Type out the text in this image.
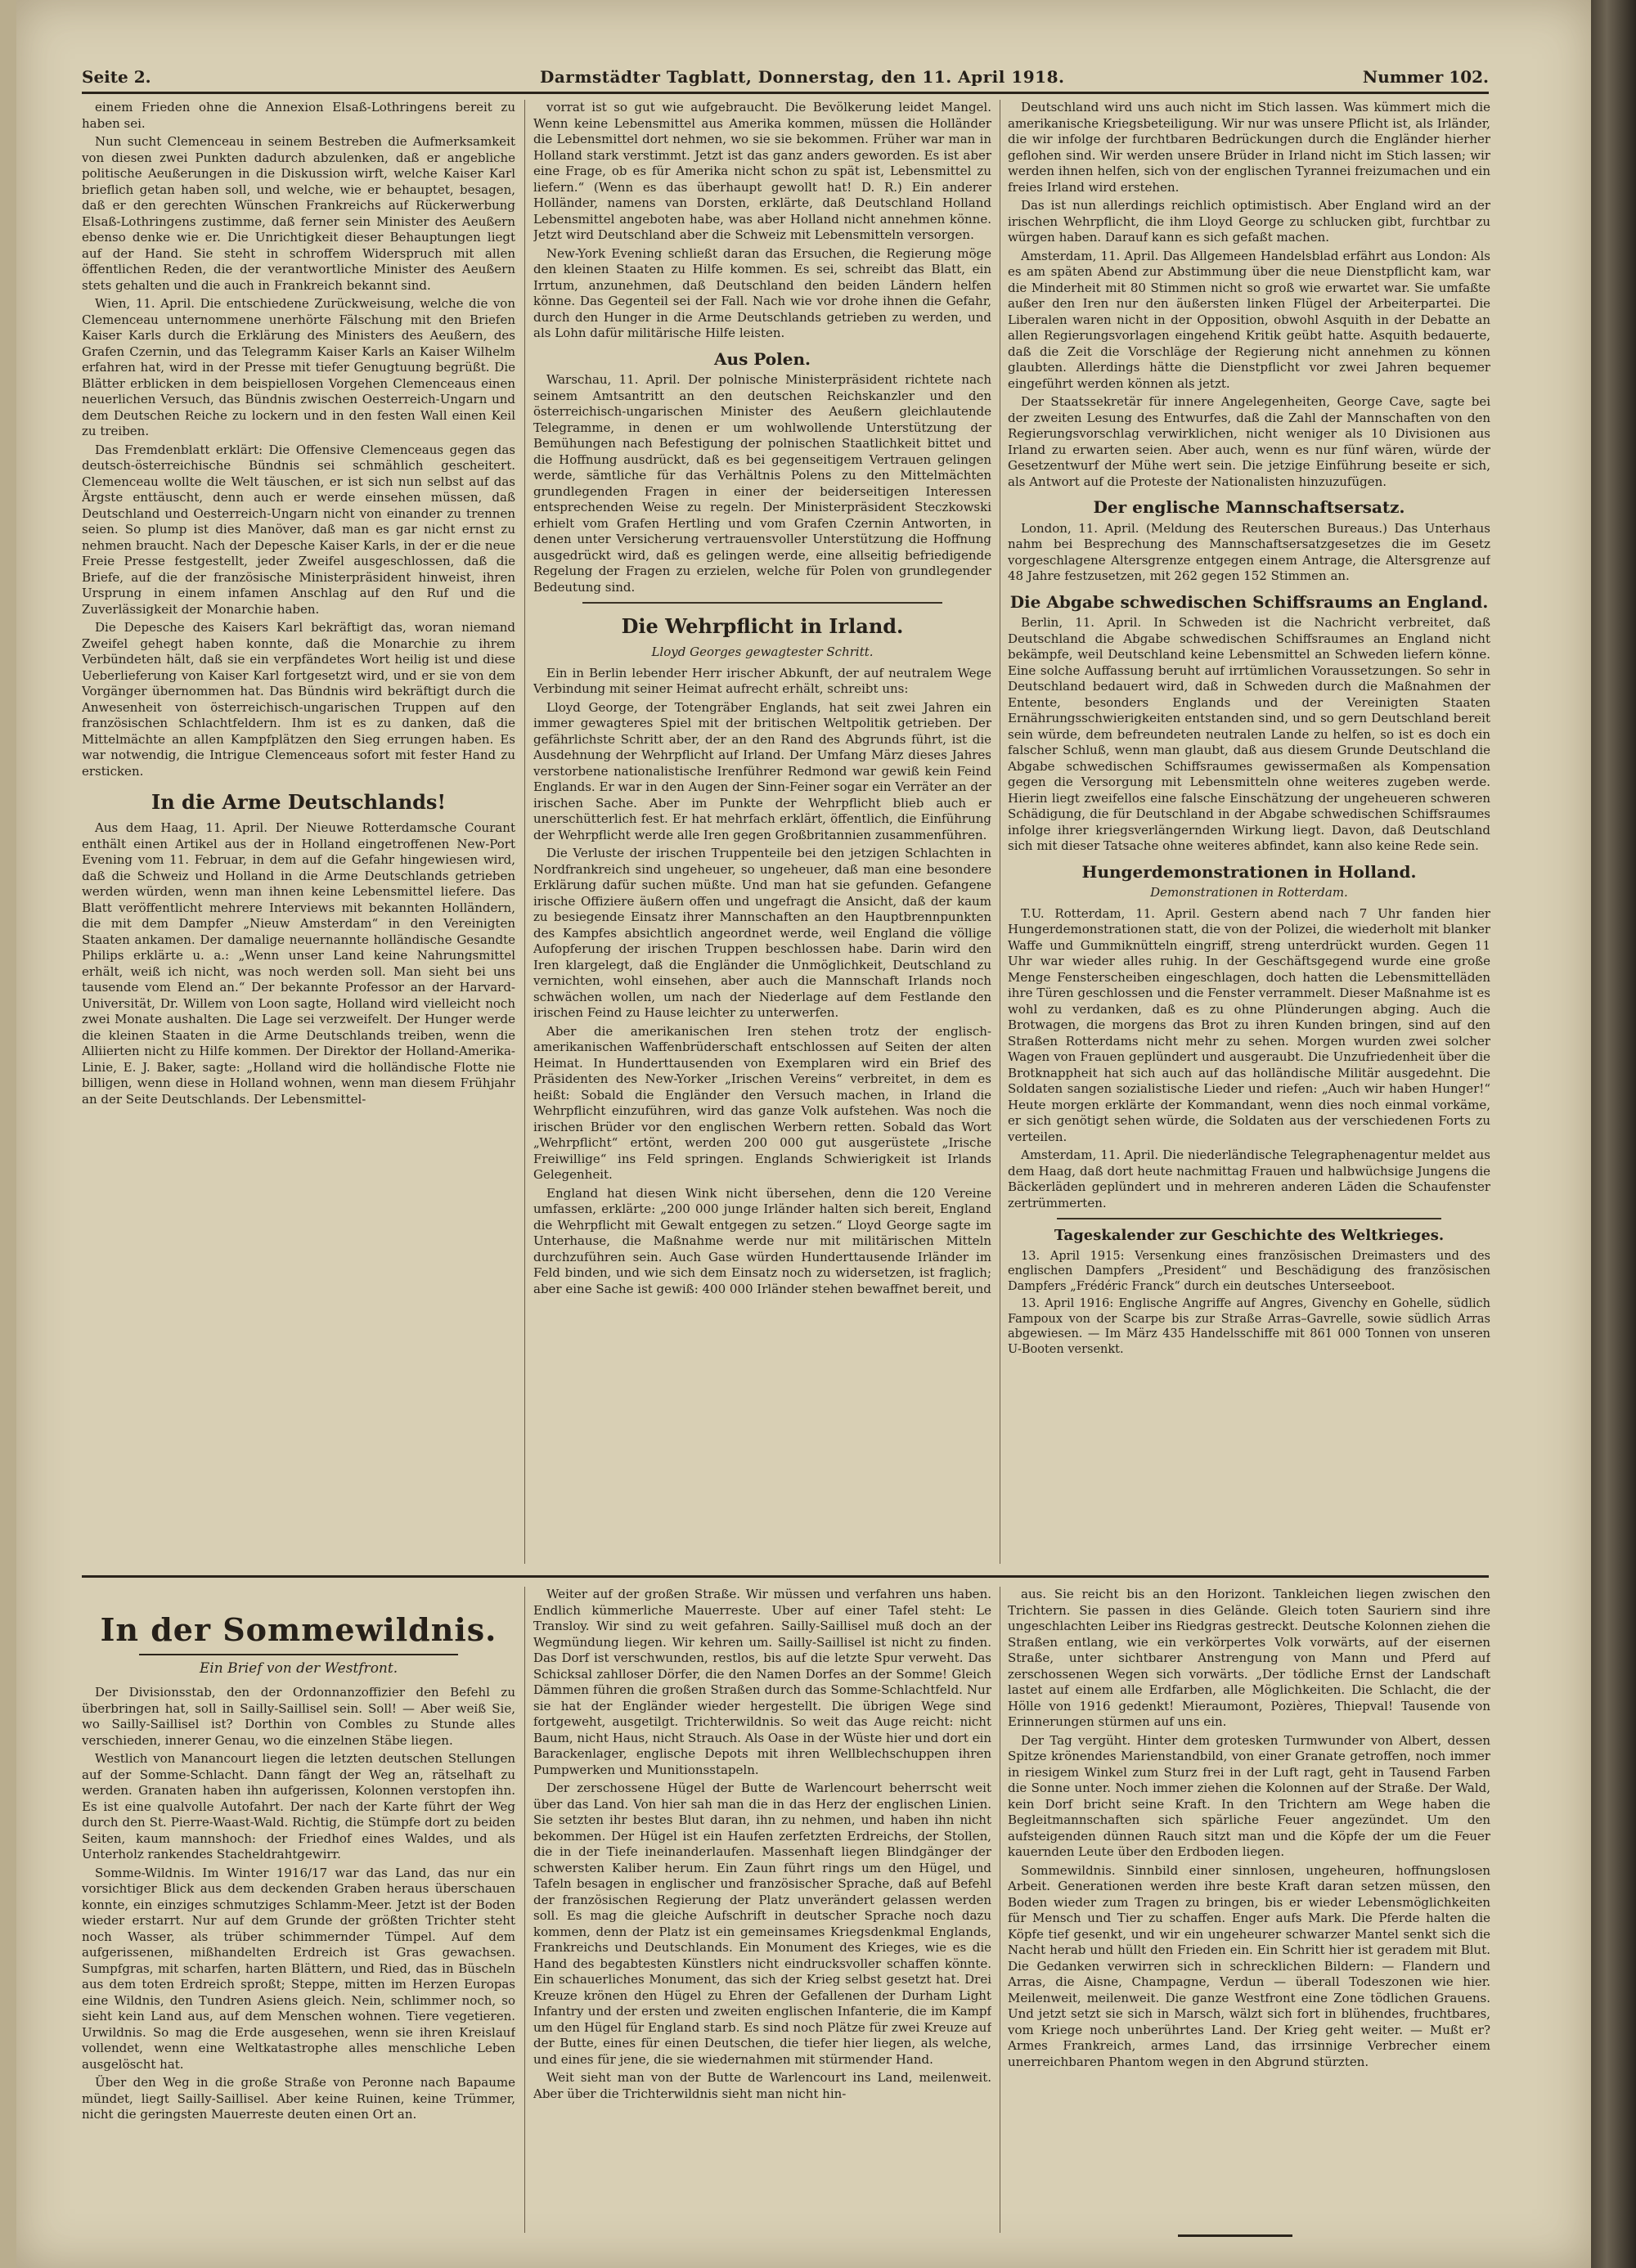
Seite 2.	Darmstädter Tagblatt, Donnerstag, den 11. April 1918.	Nummer 102.

einem Frieden ohne die Annexion Elsaß-Lothringens bereit zu haben sei.

Nun sucht Clemenceau in seinem Bestreben die Aufmerksamkeit von diesen zwei Punkten dadurch abzulenken, daß er angebliche politische Aeußerungen in die Diskussion wirft, welche Kaiser Karl brieflich getan haben soll, und welche, wie er behauptet, besagen, daß er den gerechten Wünschen Frankreichs auf Rückerwerbung Elsaß-Lothringens zustimme, daß ferner sein Minister des Aeußern ebenso denke wie er. Die Unrichtigkeit dieser Behauptungen liegt auf der Hand. Sie steht in schroffem Widerspruch mit allen öffentlichen Reden, die der verantwortliche Minister des Aeußern stets gehalten und die auch in Frankreich bekannt sind.

Wien, 11. April. Die entschiedene Zurückweisung, welche die von Clemenceau unternommene unerhörte Fälschung mit den Briefen Kaiser Karls durch die Erklärung des Ministers des Aeußern, des Grafen Czernin, und das Telegramm Kaiser Karls an Kaiser Wilhelm erfahren hat, wird in der Presse mit tiefer Genugtuung begrüßt. Die Blätter erblicken in dem beispiellosen Vorgehen Clemenceaus einen neuerlichen Versuch, das Bündnis zwischen Oesterreich-Ungarn und dem Deutschen Reiche zu lockern und in den festen Wall einen Keil zu treiben.

Das Fremdenblatt erklärt: Die Offensive Clemenceaus gegen das deutsch-österreichische Bündnis sei schmählich gescheitert. Clemenceau wollte die Welt täuschen, er ist sich nun selbst auf das Ärgste enttäuscht, denn auch er werde einsehen müssen, daß Deutschland und Oesterreich-Ungarn nicht von einander zu trennen seien. So plump ist dies Manöver, daß man es gar nicht ernst zu nehmen braucht. Nach der Depesche Kaiser Karls, in der er die neue Freie Presse festgestellt, jeder Zweifel ausgeschlossen, daß die Briefe, auf die der französische Ministerpräsident hinweist, ihren Ursprung in einem infamen Anschlag auf den Ruf und die Zuverlässigkeit der Monarchie haben.

Die Depesche des Kaisers Karl bekräftigt das, woran niemand Zweifel gehegt haben konnte, daß die Monarchie zu ihrem Verbündeten hält, daß sie ein verpfändetes Wort heilig ist und diese Ueberlieferung von Kaiser Karl fortgesetzt wird, und er sie von dem Vorgänger übernommen hat. Das Bündnis wird bekräftigt durch die Anwesenheit von österreichisch-ungarischen Truppen auf den französischen Schlachtfeldern. Ihm ist es zu danken, daß die Mittelmächte an allen Kampfplätzen den Sieg errungen haben. Es war notwendig, die Intrigue Clemenceaus sofort mit fester Hand zu ersticken.

In die Arme Deutschlands!

Aus dem Haag, 11. April. Der Nieuwe Rotterdamsche Courant enthält einen Artikel aus der in Holland eingetroffenen New-Port Evening vom 11. Februar, in dem auf die Gefahr hingewiesen wird, daß die Schweiz und Holland in die Arme Deutschlands getrieben werden würden, wenn man ihnen keine Lebensmittel liefere. Das Blatt veröffentlicht mehrere Interviews mit bekannten Holländern, die mit dem Dampfer „Nieuw Amsterdam“ in den Vereinigten Staaten ankamen. Der damalige neuernannte holländische Gesandte Philips erklärte u. a.: „Wenn unser Land keine Nahrungsmittel erhält, weiß ich nicht, was noch werden soll. Man sieht bei uns tausende vom Elend an.“ Der bekannte Professor an der Harvard-Universität, Dr. Willem von Loon sagte, Holland wird vielleicht noch zwei Monate aushalten. Die Lage sei verzweifelt. Der Hunger werde die kleinen Staaten in die Arme Deutschlands treiben, wenn die Alliierten nicht zu Hilfe kommen. Der Direktor der Holland-Amerika-Linie, E. J. Baker, sagte: „Holland wird die holländische Flotte nie billigen, wenn diese in Holland wohnen, wenn man diesem Frühjahr an der Seite Deutschlands. Der Lebensmittel-

vorrat ist so gut wie aufgebraucht. Die Bevölkerung leidet Mangel. Wenn keine Lebensmittel aus Amerika kommen, müssen die Holländer die Lebensmittel dort nehmen, wo sie sie bekommen. Früher war man in Holland stark verstimmt. Jetzt ist das ganz anders geworden. Es ist aber eine Frage, ob es für Amerika nicht schon zu spät ist, Lebensmittel zu liefern.“ (Wenn es das überhaupt gewollt hat! D. R.) Ein anderer Holländer, namens van Dorsten, erklärte, daß Deutschland Holland Lebensmittel angeboten habe, was aber Holland nicht annehmen könne. Jetzt wird Deutschland aber die Schweiz mit Lebensmitteln versorgen.

New-York Evening schließt daran das Ersuchen, die Regierung möge den kleinen Staaten zu Hilfe kommen. Es sei, schreibt das Blatt, ein Irrtum, anzunehmen, daß Deutschland den beiden Ländern helfen könne. Das Gegenteil sei der Fall. Nach wie vor drohe ihnen die Gefahr, durch den Hunger in die Arme Deutschlands getrieben zu werden, und als Lohn dafür militärische Hilfe leisten.

Aus Polen.

Warschau, 11. April. Der polnische Ministerpräsident richtete nach seinem Amtsantritt an den deutschen Reichskanzler und den österreichisch-ungarischen Minister des Aeußern gleichlautende Telegramme, in denen er um wohlwollende Unterstützung der Bemühungen nach Befestigung der polnischen Staatlichkeit bittet und die Hoffnung ausdrückt, daß es bei gegenseitigem Vertrauen gelingen werde, sämtliche für das Verhältnis Polens zu den Mittelmächten grundlegenden Fragen in einer der beiderseitigen Interessen entsprechenden Weise zu regeln. Der Ministerpräsident Steczkowski erhielt vom Grafen Hertling und vom Grafen Czernin Antworten, in denen unter Versicherung vertrauensvoller Unterstützung die Hoffnung ausgedrückt wird, daß es gelingen werde, eine allseitig befriedigende Regelung der Fragen zu erzielen, welche für Polen von grundlegender Bedeutung sind.

Die Wehrpflicht in Irland.
Lloyd Georges gewagtester Schritt.

Ein in Berlin lebender Herr irischer Abkunft, der auf neutralem Wege Verbindung mit seiner Heimat aufrecht erhält, schreibt uns:

Lloyd George, der Totengräber Englands, hat seit zwei Jahren ein immer gewagteres Spiel mit der britischen Weltpolitik getrieben. Der gefährlichste Schritt aber, der an den Rand des Abgrunds führt, ist die Ausdehnung der Wehrpflicht auf Irland. Der Umfang März dieses Jahres verstorbene nationalistische Irenführer Redmond war gewiß kein Feind Englands. Er war in den Augen der Sinn-Feiner sogar ein Verräter an der irischen Sache. Aber im Punkte der Wehrpflicht blieb auch er unerschütterlich fest. Er hat mehrfach erklärt, öffentlich, die Einführung der Wehrpflicht werde alle Iren gegen Großbritannien zusammenführen.

Die Verluste der irischen Truppenteile bei den jetzigen Schlachten in Nordfrankreich sind ungeheuer, so ungeheuer, daß man eine besondere Erklärung dafür suchen müßte. Und man hat sie gefunden. Gefangene irische Offiziere äußern offen und ungefragt die Ansicht, daß der kaum zu besiegende Einsatz ihrer Mannschaften an den Hauptbrennpunkten des Kampfes absichtlich angeordnet werde, weil England die völlige Aufopferung der irischen Truppen beschlossen habe. Darin wird den Iren klargelegt, daß die Engländer die Unmöglichkeit, Deutschland zu vernichten, wohl einsehen, aber auch die Mannschaft Irlands noch schwächen wollen, um nach der Niederlage auf dem Festlande den irischen Feind zu Hause leichter zu unterwerfen.

Aber die amerikanischen Iren stehen trotz der englisch-amerikanischen Waffenbrüderschaft entschlossen auf Seiten der alten Heimat. In Hunderttausenden von Exemplaren wird ein Brief des Präsidenten des New-Yorker „Irischen Vereins“ verbreitet, in dem es heißt: Sobald die Engländer den Versuch machen, in Irland die Wehrpflicht einzuführen, wird das ganze Volk aufstehen. Was noch die irischen Brüder vor den englischen Werbern retten. Sobald das Wort „Wehrpflicht“ ertönt, werden 200 000 gut ausgerüstete „Irische Freiwillige“ ins Feld springen. Englands Schwierigkeit ist Irlands Gelegenheit.

England hat diesen Wink nicht übersehen, denn die 120 Vereine umfassen, erklärte: „200 000 junge Irländer halten sich bereit, England die Wehrpflicht mit Gewalt entgegen zu setzen.“ Lloyd George sagte im Unterhause, die Maßnahme werde nur mit militärischen Mitteln durchzuführen sein. Auch Gase würden Hunderttausende Irländer im Feld binden, und wie sich dem Einsatz noch zu widersetzen, ist fraglich; aber eine Sache ist gewiß: 400 000 Irländer stehen bewaffnet bereit, und

Deutschland wird uns auch nicht im Stich lassen. Was kümmert mich die amerikanische Kriegsbeteiligung. Wir nur was unsere Pflicht ist, als Irländer, die wir infolge der furchtbaren Bedrückungen durch die Engländer hierher geflohen sind. Wir werden unsere Brüder in Irland nicht im Stich lassen; wir werden ihnen helfen, sich von der englischen Tyrannei freizumachen und ein freies Irland wird erstehen.

Das ist nun allerdings reichlich optimistisch. Aber England wird an der irischen Wehrpflicht, die ihm Lloyd George zu schlucken gibt, furchtbar zu würgen haben. Darauf kann es sich gefaßt machen.

Amsterdam, 11. April. Das Allgemeen Handelsblad erfährt aus London: Als es am späten Abend zur Abstimmung über die neue Dienstpflicht kam, war die Minderheit mit 80 Stimmen nicht so groß wie erwartet war. Sie umfaßte außer den Iren nur den äußersten linken Flügel der Arbeiterpartei. Die Liberalen waren nicht in der Opposition, obwohl Asquith in der Debatte an allen Regierungsvorlagen eingehend Kritik geübt hatte. Asquith bedauerte, daß die Zeit die Vorschläge der Regierung nicht annehmen zu können glaubten. Allerdings hätte die Dienstpflicht vor zwei Jahren bequemer eingeführt werden können als jetzt.

Der Staatssekretär für innere Angelegenheiten, George Cave, sagte bei der zweiten Lesung des Entwurfes, daß die Zahl der Mannschaften von den Regierungsvorschlag verwirklichen, nicht weniger als 10 Divisionen aus Irland zu erwarten seien. Aber auch, wenn es nur fünf wären, würde der Gesetzentwurf der Mühe wert sein. Die jetzige Einführung beseite er sich, als Antwort auf die Proteste der Nationalisten hinzuzufügen.

Der englische Mannschaftsersatz.

London, 11. April. (Meldung des Reuterschen Bureaus.) Das Unterhaus nahm bei Besprechung des Mannschaftsersatzgesetzes die im Gesetz vorgeschlagene Altersgrenze entgegen einem Antrage, die Altersgrenze auf 48 Jahre festzusetzen, mit 262 gegen 152 Stimmen an.

Die Abgabe schwedischen Schiffsraums an England.

Berlin, 11. April. In Schweden ist die Nachricht verbreitet, daß Deutschland die Abgabe schwedischen Schiffsraumes an England nicht bekämpfe, weil Deutschland keine Lebensmittel an Schweden liefern könne. Eine solche Auffassung beruht auf irrtümlichen Voraussetzungen. So sehr in Deutschland bedauert wird, daß in Schweden durch die Maßnahmen der Entente, besonders Englands und der Vereinigten Staaten Ernährungsschwierigkeiten entstanden sind, und so gern Deutschland bereit sein würde, dem befreundeten neutralen Lande zu helfen, so ist es doch ein falscher Schluß, wenn man glaubt, daß aus diesem Grunde Deutschland die Abgabe schwedischen Schiffsraumes gewissermaßen als Kompensation gegen die Versorgung mit Lebensmitteln ohne weiteres zugeben werde. Hierin liegt zweifellos eine falsche Einschätzung der ungeheueren schweren Schädigung, die für Deutschland in der Abgabe schwedischen Schiffsraumes infolge ihrer kriegsverlängernden Wirkung liegt. Davon, daß Deutschland sich mit dieser Tatsache ohne weiteres abfindet, kann also keine Rede sein.

Hungerdemonstrationen in Holland.
Demonstrationen in Rotterdam.

T.U. Rotterdam, 11. April. Gestern abend nach 7 Uhr fanden hier Hungerdemonstrationen statt, die von der Polizei, die wiederholt mit blanker Waffe und Gummiknütteln eingriff, streng unterdrückt wurden. Gegen 11 Uhr war wieder alles ruhig. In der Geschäftsgegend wurde eine große Menge Fensterscheiben eingeschlagen, doch hatten die Lebensmittelläden ihre Türen geschlossen und die Fenster verrammelt. Dieser Maßnahme ist es wohl zu verdanken, daß es zu ohne Plünderungen abging. Auch die Brotwagen, die morgens das Brot zu ihren Kunden bringen, sind auf den Straßen Rotterdams nicht mehr zu sehen. Morgen wurden zwei solcher Wagen von Frauen geplündert und ausgeraubt. Die Unzufriedenheit über die Brotknappheit hat sich auch auf das holländische Militär ausgedehnt. Die Soldaten sangen sozialistische Lieder und riefen: „Auch wir haben Hunger!“ Heute morgen erklärte der Kommandant, wenn dies noch einmal vorkäme, er sich genötigt sehen würde, die Soldaten aus der verschiedenen Forts zu verteilen.

Amsterdam, 11. April. Die niederländische Telegraphenagentur meldet aus dem Haag, daß dort heute nachmittag Frauen und halbwüchsige Jungens die Bäckerläden geplündert und in mehreren anderen Läden die Schaufenster zertrümmerten.

Tageskalender zur Geschichte des Weltkrieges.

13. April 1915: Versenkung eines französischen Dreimasters und des englischen Dampfers „President“ und Beschädigung des französischen Dampfers „Frédéric Franck“ durch ein deutsches Unterseeboot.

13. April 1916: Englische Angriffe auf Angres, Givenchy en Gohelle, südlich Fampoux von der Scarpe bis zur Straße Arras–Gavrelle, sowie südlich Arras abgewiesen. — Im März 435 Handelsschiffe mit 861 000 Tonnen von unseren U-Booten versenkt.

In der Sommewildnis.
Ein Brief von der Westfront.

Der Divisionsstab, den der Ordonnanzoffizier den Befehl zu überbringen hat, soll in Sailly-Saillisel sein. Soll! — Aber weiß Sie, wo Sailly-Saillisel ist? Dorthin von Combles zu Stunde alles verschieden, innerer Genau, wo die einzelnen Stäbe liegen.

Westlich von Manancourt liegen die letzten deutschen Stellungen auf der Somme-Schlacht. Dann fängt der Weg an, rätselhaft zu werden. Granaten haben ihn aufgerissen, Kolonnen verstopfen ihn. Es ist eine qualvolle Autofahrt. Der nach der Karte führt der Weg durch den St. Pierre-Waast-Wald. Richtig, die Stümpfe dort zu beiden Seiten, kaum mannshoch: der Friedhof eines Waldes, und als Unterholz rankendes Stacheldrahtgewirr.

Somme-Wildnis. Im Winter 1916/17 war das Land, das nur ein vorsichtiger Blick aus dem deckenden Graben heraus überschauen konnte, ein einziges schmutziges Schlamm-Meer. Jetzt ist der Boden wieder erstarrt. Nur auf dem Grunde der größten Trichter steht noch Wasser, als trüber schimmernder Tümpel. Auf dem aufgerissenen, mißhandelten Erdreich ist Gras gewachsen. Sumpfgras, mit scharfen, harten Blättern, und Ried, das in Büscheln aus dem toten Erdreich sproßt; Steppe, mitten im Herzen Europas eine Wildnis, den Tundren Asiens gleich. Nein, schlimmer noch, so sieht kein Land aus, auf dem Menschen wohnen. Tiere vegetieren. Urwildnis. So mag die Erde ausgesehen, wenn sie ihren Kreislauf vollendet, wenn eine Weltkatastrophe alles menschliche Leben ausgelöscht hat.

Über den Weg in die große Straße von Peronne nach Bapaume mündet, liegt Sailly-Saillisel. Aber keine Ruinen, keine Trümmer, nicht die geringsten Mauerreste deuten einen Ort an.

Weiter auf der großen Straße. Wir müssen und verfahren uns haben. Endlich kümmerliche Mauerreste. Uber auf einer Tafel steht: Le Transloy. Wir sind zu weit gefahren. Sailly-Saillisel muß doch an der Wegmündung liegen. Wir kehren um. Sailly-Saillisel ist nicht zu finden. Das Dorf ist verschwunden, restlos, bis auf die letzte Spur verweht. Das Schicksal zahlloser Dörfer, die den Namen Dorfes an der Somme! Gleich Dämmen führen die großen Straßen durch das Somme-Schlachtfeld. Nur sie hat der Engländer wieder hergestellt. Die übrigen Wege sind fortgeweht, ausgetilgt. Trichterwildnis. So weit das Auge reicht: nicht Baum, nicht Haus, nicht Strauch. Als Oase in der Wüste hier und dort ein Barackenlager, englische Depots mit ihren Wellblechschuppen ihren Pumpwerken und Munitionsstapeln.

Der zerschossene Hügel der Butte de Warlencourt beherrscht weit über das Land. Von hier sah man die in das Herz der englischen Linien. Sie setzten ihr bestes Blut daran, ihn zu nehmen, und haben ihn nicht bekommen. Der Hügel ist ein Haufen zerfetzten Erdreichs, der Stollen, die in der Tiefe ineinanderlaufen. Massenhaft liegen Blindgänger der schwersten Kaliber herum. Ein Zaun führt rings um den Hügel, und Tafeln besagen in englischer und französischer Sprache, daß auf Befehl der französischen Regierung der Platz unverändert gelassen werden soll. Es mag die gleiche Aufschrift in deutscher Sprache noch dazu kommen, denn der Platz ist ein gemeinsames Kriegsdenkmal Englands, Frankreichs und Deutschlands. Ein Monument des Krieges, wie es die Hand des begabtesten Künstlers nicht eindrucksvoller schaffen könnte. Ein schauerliches Monument, das sich der Krieg selbst gesetzt hat. Drei Kreuze krönen den Hügel zu Ehren der Gefallenen der Durham Light Infantry und der ersten und zweiten englischen Infanterie, die im Kampf um den Hügel für England starb. Es sind noch Plätze für zwei Kreuze auf der Butte, eines für einen Deutschen, die tiefer hier liegen, als welche, und eines für jene, die sie wiedernahmen mit stürmender Hand.

Weit sieht man von der Butte de Warlencourt ins Land, meilenweit. Aber über die Trichterwildnis sieht man nicht hin-

aus. Sie reicht bis an den Horizont. Tankleichen liegen zwischen den Trichtern. Sie passen in dies Gelände. Gleich toten Sauriern sind ihre ungeschlachten Leiber ins Riedgras gestreckt. Deutsche Kolonnen ziehen die Straßen entlang, wie ein verkörpertes Volk vorwärts, auf der eisernen Straße, unter sichtbarer Anstrengung von Mann und Pferd auf zerschossenen Wegen sich vorwärts. „Der tödliche Ernst der Landschaft lastet auf einem alle Erdfarben, alle Möglichkeiten. Die Schlacht, die der Hölle von 1916 gedenkt! Mieraumont, Pozières, Thiepval! Tausende von Erinnerungen stürmen auf uns ein.

Der Tag vergüht. Hinter dem grotesken Turmwunder von Albert, dessen Spitze krönendes Marienstandbild, von einer Granate getroffen, noch immer in riesigem Winkel zum Sturz frei in der Luft ragt, geht in Tausend Farben die Sonne unter. Noch immer ziehen die Kolonnen auf der Straße. Der Wald, kein Dorf bricht seine Kraft. In den Trichtern am Wege haben die Begleitmannschaften sich spärliche Feuer angezündet. Um den aufsteigenden dünnen Rauch sitzt man und die Köpfe der um die Feuer kauernden Leute über den Erdboden liegen.

Sommewildnis. Sinnbild einer sinnlosen, ungeheuren, hoffnungslosen Arbeit. Generationen werden ihre beste Kraft daran setzen müssen, den Boden wieder zum Tragen zu bringen, bis er wieder Lebensmöglichkeiten für Mensch und Tier zu schaffen. Enger aufs Mark. Die Pferde halten die Köpfe tief gesenkt, und wir ein ungeheurer schwarzer Mantel senkt sich die Nacht herab und hüllt den Frieden ein. Ein Schritt hier ist geradem mit Blut. Die Gedanken verwirren sich in schrecklichen Bildern: — Flandern und Arras, die Aisne, Champagne, Verdun — überall Todeszonen wie hier. Meilenweit, meilenweit. Die ganze Westfront eine Zone tödlichen Grauens. Und jetzt setzt sie sich in Marsch, wälzt sich fort in blühendes, fruchtbares, vom Kriege noch unberührtes Land. Der Krieg geht weiter. — Mußt er? Armes Frankreich, armes Land, das irrsinnige Verbrecher einem unerreichbaren Phantom wegen in den Abgrund stürzten.
